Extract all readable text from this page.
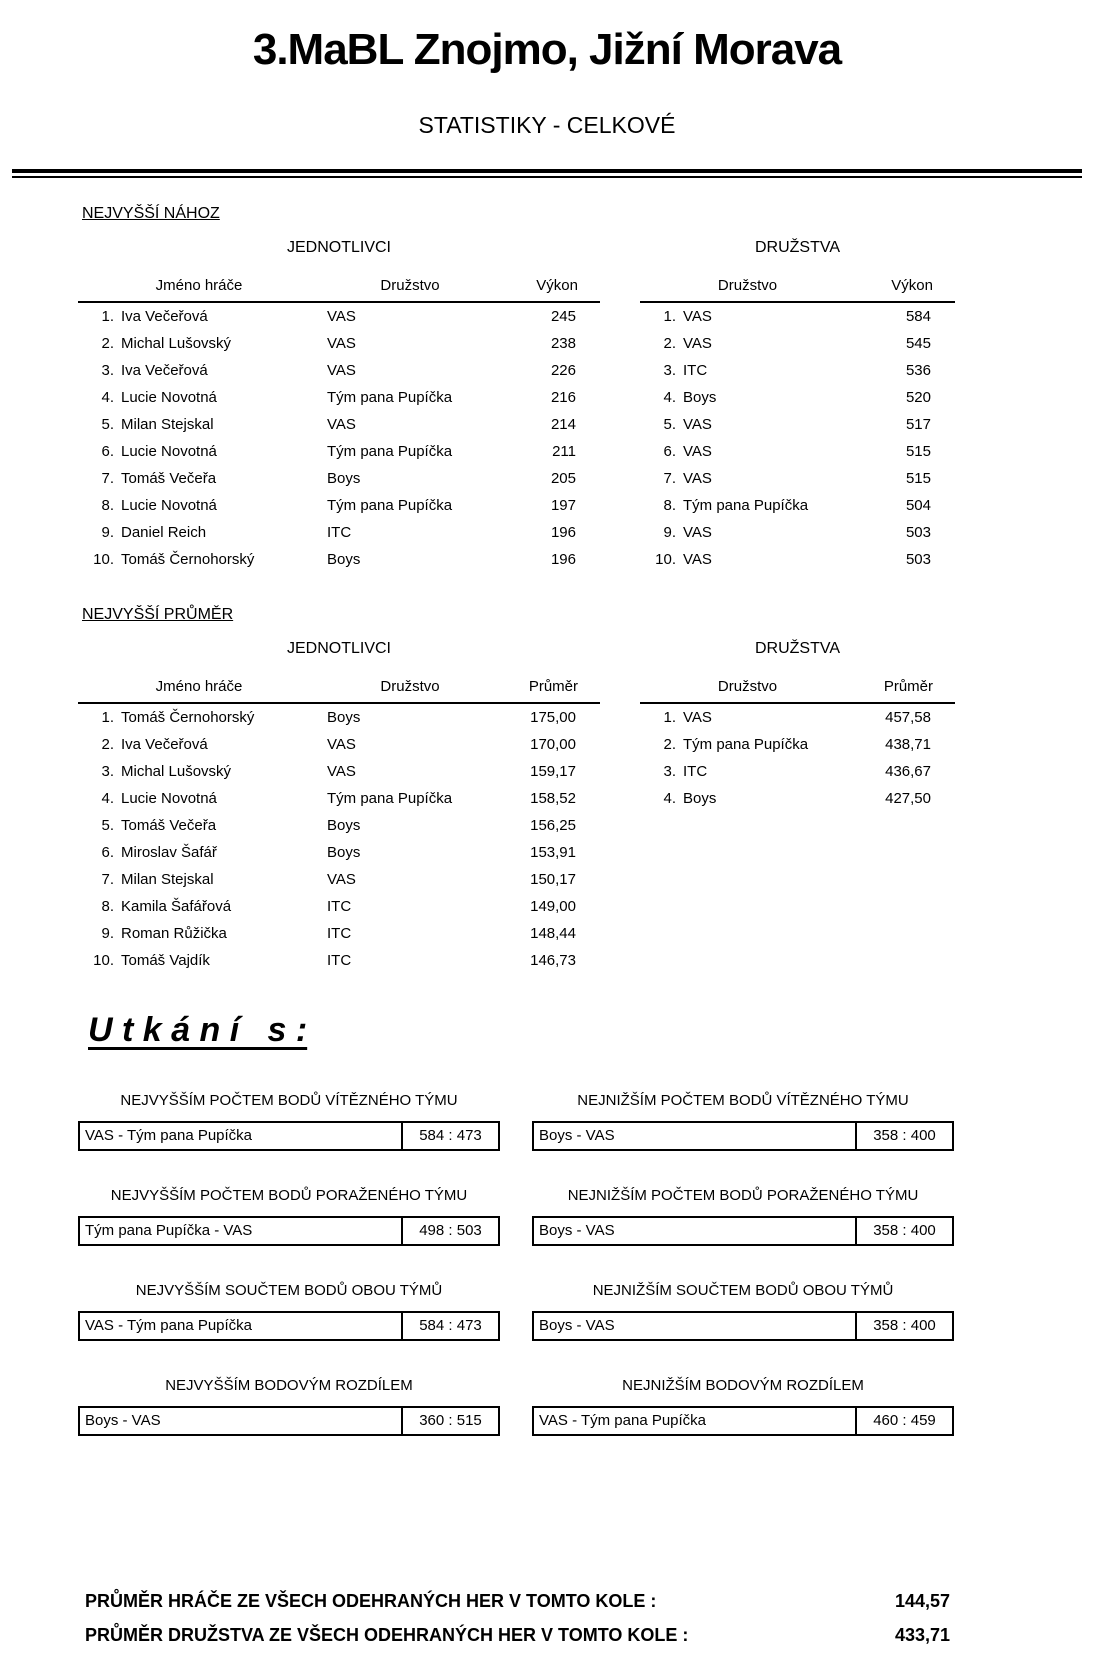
3.MaBL Znojmo, Jižní Morava
STATISTIKY - CELKOVÉ
NEJVYŠŠÍ NÁHOZ
JEDNOTLIVCI
Jméno hráče	Družstvo	Výkon
1. Iva Večeřová	VAS	245
2. Michal Lušovský	VAS	238
3. Iva Večeřová	VAS	226
4. Lucie Novotná	Tým pana Pupíčka	216
5. Milan Stejskal	VAS	214
6. Lucie Novotná	Tým pana Pupíčka	211
7. Tomáš Večeřa	Boys	205
8. Lucie Novotná	Tým pana Pupíčka	197
9. Daniel Reich	ITC	196
10. Tomáš Černohorský	Boys	196
DRUŽSTVA
Družstvo	Výkon
1. VAS	584
2. VAS	545
3. ITC	536
4. Boys	520
5. VAS	517
6. VAS	515
7. VAS	515
8. Tým pana Pupíčka	504
9. VAS	503
10. VAS	503
NEJVYŠŠÍ PRŮMĚR
JEDNOTLIVCI
Jméno hráče	Družstvo	Průměr
1. Tomáš Černohorský	Boys	175,00
2. Iva Večeřová	VAS	170,00
3. Michal Lušovský	VAS	159,17
4. Lucie Novotná	Tým pana Pupíčka	158,52
5. Tomáš Večeřa	Boys	156,25
6. Miroslav Šafář	Boys	153,91
7. Milan Stejskal	VAS	150,17
8. Kamila Šafářová	ITC	149,00
9. Roman Růžička	ITC	148,44
10. Tomáš Vajdík	ITC	146,73
DRUŽSTVA
Družstvo	Průměr
1. VAS	457,58
2. Tým pana Pupíčka	438,71
3. ITC	436,67
4. Boys	427,50
U t k á n í   s :
NEJVYŠŠÍM POČTEM BODŮ VÍTĚZNÉHO TÝMU
VAS - Tým pana Pupíčka	584 : 473
NEJNIŽŠÍM POČTEM BODŮ VÍTĚZNÉHO TÝMU
Boys - VAS	358 : 400
NEJVYŠŠÍM POČTEM BODŮ PORAŽENÉHO TÝMU
Tým pana Pupíčka - VAS	498 : 503
NEJNIŽŠÍM POČTEM BODŮ PORAŽENÉHO TÝMU
Boys - VAS	358 : 400
NEJVYŠŠÍM SOUČTEM BODŮ OBOU TÝMŮ
VAS - Tým pana Pupíčka	584 : 473
NEJNIŽŠÍM SOUČTEM BODŮ OBOU TÝMŮ
Boys - VAS	358 : 400
NEJVYŠŠÍM BODOVÝM ROZDÍLEM
Boys - VAS	360 : 515
NEJNIŽŠÍM BODOVÝM ROZDÍLEM
VAS - Tým pana Pupíčka	460 : 459
PRŮMĚR HRÁČE ZE VŠECH ODEHRANÝCH HER V TOMTO KOLE :	144,57
PRŮMĚR DRUŽSTVA ZE VŠECH ODEHRANÝCH HER V TOMTO KOLE :	433,71
